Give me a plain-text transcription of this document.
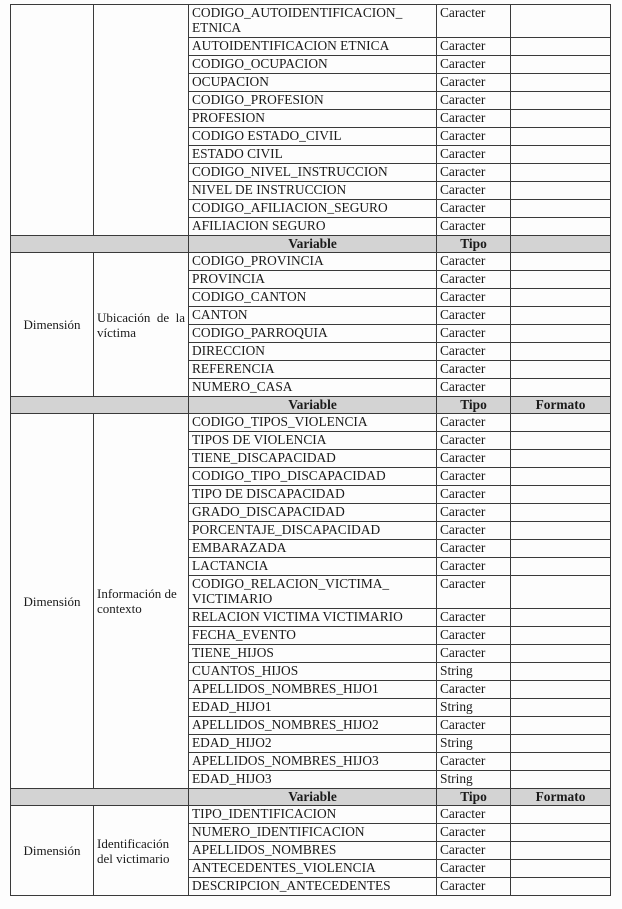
		CODIGO_AUTOIDENTIFICACION_ ETNICA	Caracter	
		AUTOIDENTIFICACION ETNICA	Caracter	
		CODIGO_OCUPACION	Caracter	
		OCUPACION	Caracter	
		CODIGO_PROFESION	Caracter	
		PROFESION	Caracter	
		CODIGO ESTADO_CIVIL	Caracter	
		ESTADO CIVIL	Caracter	
		CODIGO_NIVEL_INSTRUCCION	Caracter	
		NIVEL DE INSTRUCCION	Caracter	
		CODIGO_AFILIACION_SEGURO	Caracter	
		AFILIACION SEGURO	Caracter	
		Variable	Tipo	
Dimensión	Ubicación de la víctima	CODIGO_PROVINCIA	Caracter	
		PROVINCIA	Caracter	
		CODIGO_CANTON	Caracter	
		CANTON	Caracter	
		CODIGO_PARROQUIA	Caracter	
		DIRECCION	Caracter	
		REFERENCIA	Caracter	
		NUMERO_CASA	Caracter	
		Variable	Tipo	Formato
Dimensión	Información de contexto	CODIGO_TIPOS_VIOLENCIA	Caracter	
		TIPOS DE VIOLENCIA	Caracter	
		TIENE_DISCAPACIDAD	Caracter	
		CODIGO_TIPO_DISCAPACIDAD	Caracter	
		TIPO DE DISCAPACIDAD	Caracter	
		GRADO_DISCAPACIDAD	Caracter	
		PORCENTAJE_DISCAPACIDAD	Caracter	
		EMBARAZADA	Caracter	
		LACTANCIA	Caracter	
		CODIGO_RELACION_VICTIMA_ VICTIMARIO	Caracter	
		RELACION VICTIMA VICTIMARIO	Caracter	
		FECHA_EVENTO	Caracter	
		TIENE_HIJOS	Caracter	
		CUANTOS_HIJOS	String	
		APELLIDOS_NOMBRES_HIJO1	Caracter	
		EDAD_HIJO1	String	
		APELLIDOS_NOMBRES_HIJO2	Caracter	
		EDAD_HIJO2	String	
		APELLIDOS_NOMBRES_HIJO3	Caracter	
		EDAD_HIJO3	String	
		Variable	Tipo	Formato
Dimensión	Identificación del victimario	TIPO_IDENTIFICACION	Caracter	
		NUMERO_IDENTIFICACION	Caracter	
		APELLIDOS_NOMBRES	Caracter	
		ANTECEDENTES_VIOLENCIA	Caracter	
		DESCRIPCION_ANTECEDENTES	Caracter	
